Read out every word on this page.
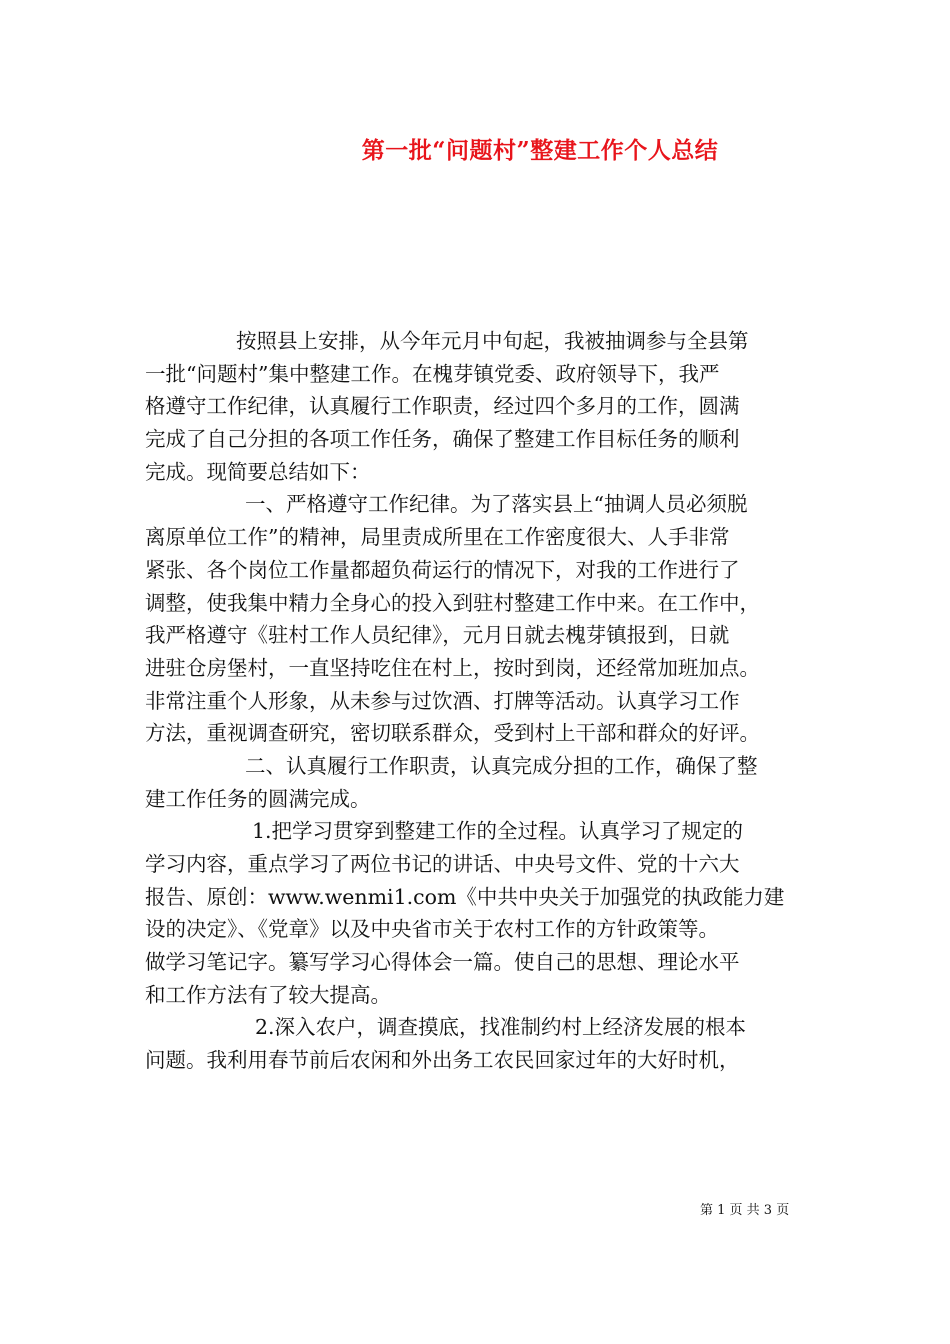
第一批“问题村”整建工作个人总结
按照县上安排，从今年元月中旬起，我被抽调参与全县第
一批“问题村”集中整建工作。在槐芽镇党委、政府领导下，我严
格遵守工作纪律，认真履行工作职责，经过四个多月的工作，圆满
完成了自己分担的各项工作任务，确保了整建工作目标任务的顺利
完成。现简要总结如下：
一、严格遵守工作纪律。为了落实县上“抽调人员必须脱
离原单位工作”的精神，局里责成所里在工作密度很大、人手非常
紧张、各个岗位工作量都超负荷运行的情况下，对我的工作进行了
调整，使我集中精力全身心的投入到驻村整建工作中来。在工作中，
我严格遵守《驻村工作人员纪律》，元月日就去槐芽镇报到，日就
进驻仓房堡村，一直坚持吃住在村上，按时到岗，还经常加班加点。
非常注重个人形象，从未参与过饮酒、打牌等活动。认真学习工作
方法，重视调查研究，密切联系群众，受到村上干部和群众的好评。
二、认真履行工作职责，认真完成分担的工作，确保了整
建工作任务的圆满完成。
1.把学习贯穿到整建工作的全过程。认真学习了规定的
学习内容，重点学习了两位书记的讲话、中央号文件、党的十六大
报告、原创：www.wenmi1.com《中共中央关于加强党的执政能力建
设的决定》、《党章》以及中央省市关于农村工作的方针政策等。
做学习笔记字。纂写学习心得体会一篇。使自己的思想、理论水平
和工作方法有了较大提高。
2.深入农户，调查摸底，找准制约村上经济发展的根本
问题。我利用春节前后农闲和外出务工农民回家过年的大好时机，
第 1 页 共 3 页
